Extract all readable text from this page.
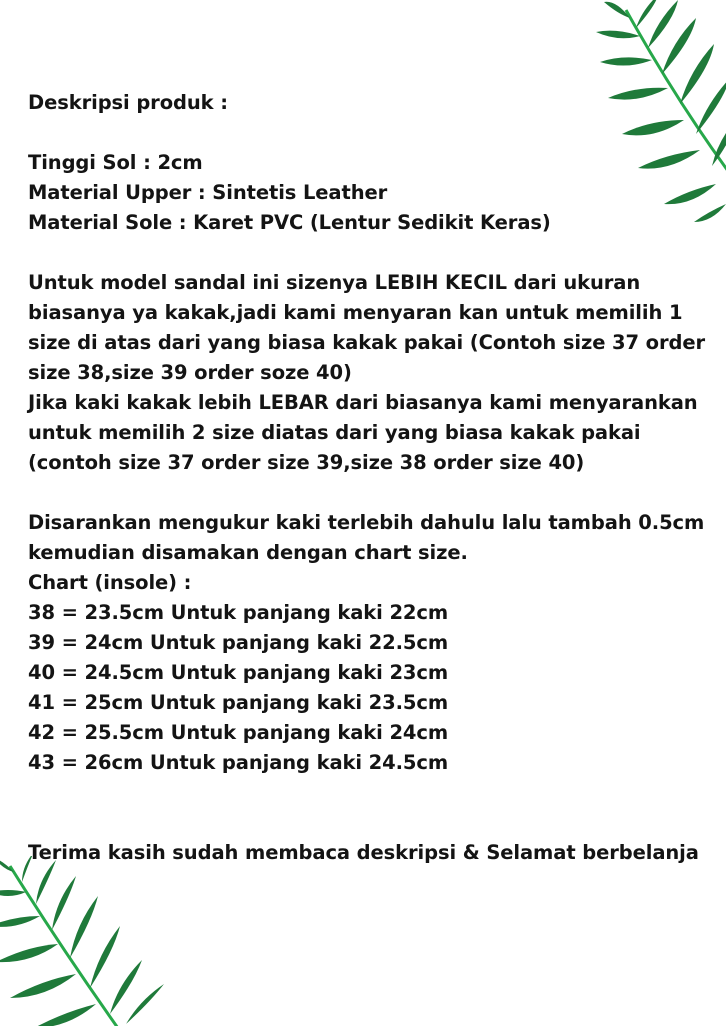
Deskripsi produk :
Tinggi Sol : 2cm
Material Upper : Sintetis Leather
Material Sole : Karet PVC (Lentur Sedikit Keras)
Untuk model sandal ini sizenya LEBIH KECIL dari ukuran
biasanya ya kakak,jadi kami menyaran kan untuk memilih 1
size di atas dari yang biasa kakak pakai (Contoh size 37 order
size 38,size 39 order soze 40)
Jika kaki kakak lebih LEBAR dari biasanya kami menyarankan
untuk memilih 2 size diatas dari yang biasa kakak pakai
(contoh size 37 order size 39,size 38 order size 40)
Disarankan mengukur kaki terlebih dahulu lalu tambah 0.5cm
kemudian disamakan dengan chart size.
Chart (insole) :
38 = 23.5cm Untuk panjang kaki 22cm
39 = 24cm Untuk panjang kaki 22.5cm
40 = 24.5cm Untuk panjang kaki 23cm
41 = 25cm Untuk panjang kaki 23.5cm
42 = 25.5cm Untuk panjang kaki 24cm
43 = 26cm Untuk panjang kaki 24.5cm
Terima kasih sudah membaca deskripsi & Selamat berbelanja
